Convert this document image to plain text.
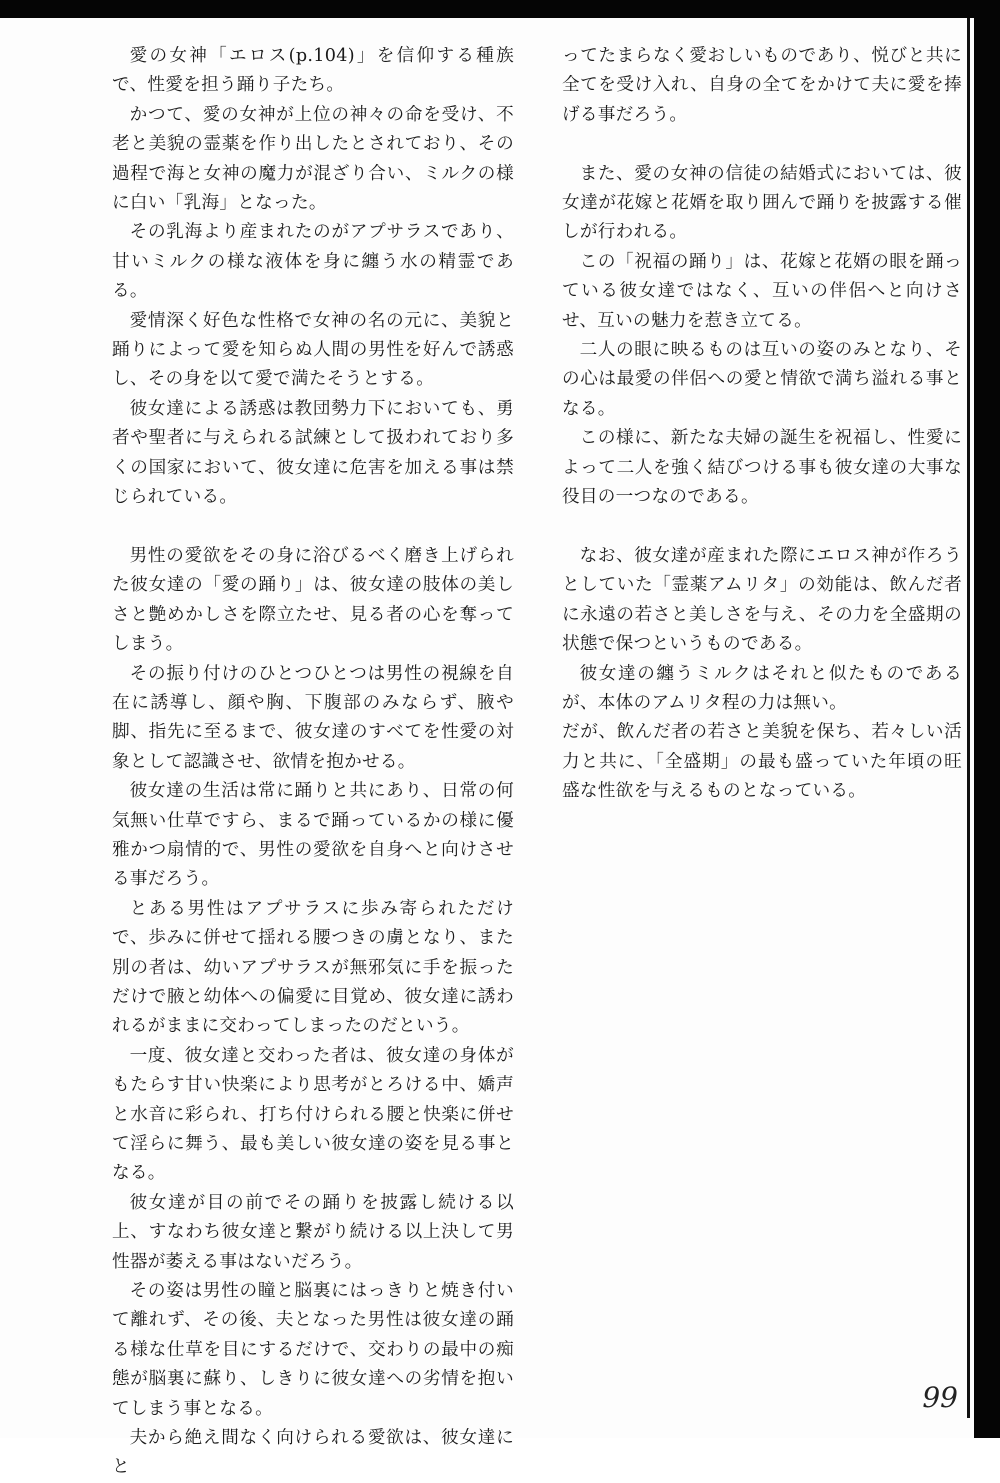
愛の女神「エロス(p.104)」を信仰する種族で、性愛を担う踊り子たち。

かつて、愛の女神が上位の神々の命を受け、不老と美貌の霊薬を作り出したとされており、その過程で海と女神の魔力が混ざり合い、ミルクの様に白い「乳海」となった。

その乳海より産まれたのがアプサラスであり、甘いミルクの様な液体を身に纏う水の精霊である。

愛情深く好色な性格で女神の名の元に、美貌と踊りによって愛を知らぬ人間の男性を好んで誘惑し、その身を以て愛で満たそうとする。

彼女達による誘惑は教団勢力下においても、勇者や聖者に与えられる試練として扱われており多くの国家において、彼女達に危害を加える事は禁じられている。

男性の愛欲をその身に浴びるべく磨き上げられた彼女達の「愛の踊り」は、彼女達の肢体の美しさと艶めかしさを際立たせ、見る者の心を奪ってしまう。

その振り付けのひとつひとつは男性の視線を自在に誘導し、顔や胸、下腹部のみならず、腋や脚、指先に至るまで、彼女達のすべてを性愛の対象として認識させ、欲情を抱かせる。

彼女達の生活は常に踊りと共にあり、日常の何気無い仕草ですら、まるで踊っているかの様に優雅かつ扇情的で、男性の愛欲を自身へと向けさせる事だろう。

とある男性はアプサラスに歩み寄られただけで、歩みに併せて揺れる腰つきの虜となり、また別の者は、幼いアプサラスが無邪気に手を振っただけで腋と幼体への偏愛に目覚め、彼女達に誘われるがままに交わってしまったのだという。

一度、彼女達と交わった者は、彼女達の身体がもたらす甘い快楽により思考がとろける中、嬌声と水音に彩られ、打ち付けられる腰と快楽に併せて淫らに舞う、最も美しい彼女達の姿を見る事となる。

彼女達が目の前でその踊りを披露し続ける以上、すなわち彼女達と繋がり続ける以上決して男性器が萎える事はないだろう。

その姿は男性の瞳と脳裏にはっきりと焼き付いて離れず、その後、夫となった男性は彼女達の踊る様な仕草を目にするだけで、交わりの最中の痴態が脳裏に蘇り、しきりに彼女達への劣情を抱いてしまう事となる。

夫から絶え間なく向けられる愛欲は、彼女達にと

ってたまらなく愛おしいものであり、悦びと共に全てを受け入れ、自身の全てをかけて夫に愛を捧げる事だろう。

また、愛の女神の信徒の結婚式においては、彼女達が花嫁と花婿を取り囲んで踊りを披露する催しが行われる。

この「祝福の踊り」は、花嫁と花婿の眼を踊っている彼女達ではなく、互いの伴侶へと向けさせ、互いの魅力を惹き立てる。

二人の眼に映るものは互いの姿のみとなり、その心は最愛の伴侶への愛と情欲で満ち溢れる事となる。

この様に、新たな夫婦の誕生を祝福し、性愛によって二人を強く結びつける事も彼女達の大事な役目の一つなのである。

なお、彼女達が産まれた際にエロス神が作ろうとしていた「霊薬アムリタ」の効能は、飲んだ者に永遠の若さと美しさを与え、その力を全盛期の状態で保つというものである。

彼女達の纏うミルクはそれと似たものであるが、本体のアムリタ程の力は無い。

だが、飲んだ者の若さと美貌を保ち、若々しい活力と共に、「全盛期」の最も盛っていた年頃の旺盛な性欲を与えるものとなっている。

99
